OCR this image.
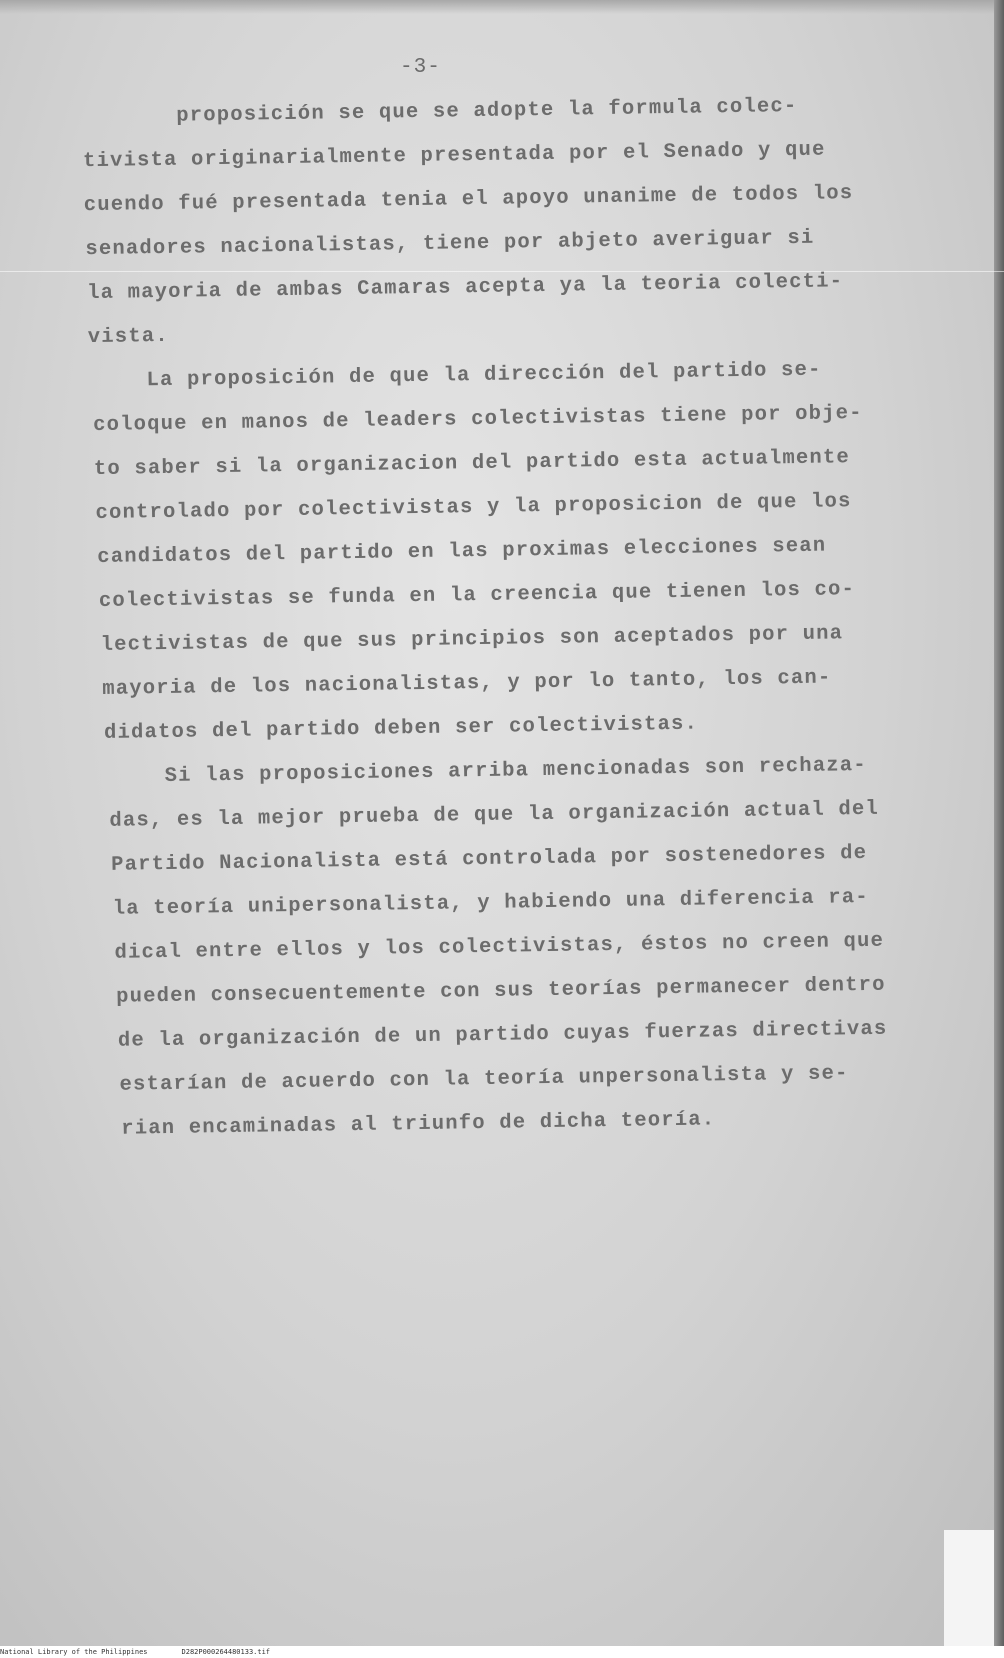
-3-
proposición se que se adopte la formula colec-
tivista originarialmente presentada por el Senado y que
cuendo fué presentada tenia el apoyo unanime de todos los
senadores nacionalistas, tiene por abjeto averiguar si
la mayoria de ambas Camaras acepta ya la teoria colecti-
vista.
La proposición de que la dirección del partido se-
coloque en manos de leaders colectivistas tiene por obje-
to saber si la organizacion del partido esta actualmente
controlado por colectivistas y la proposicion de que los
candidatos del partido en las proximas elecciones sean
colectivistas se funda en la creencia que tienen los co-
lectivistas de que sus principios son aceptados por una
mayoria de los nacionalistas, y por lo tanto, los can-
didatos del partido deben ser colectivistas.
Si las proposiciones arriba mencionadas son rechaza-
das, es la mejor prueba de que la organización actual del
Partido Nacionalista está controlada por sostenedores de
la teoría unipersonalista, y habiendo una diferencia ra-
dical entre ellos y los colectivistas, éstos no creen que
pueden consecuentemente con sus teorías permanecer dentro
de la organización de un partido cuyas fuerzas directivas
estarían de acuerdo con la teoría unpersonalista y se-
rian encaminadas al triunfo de dicha teoría.
National Library of the Philippines	D282P000264480133.tif
